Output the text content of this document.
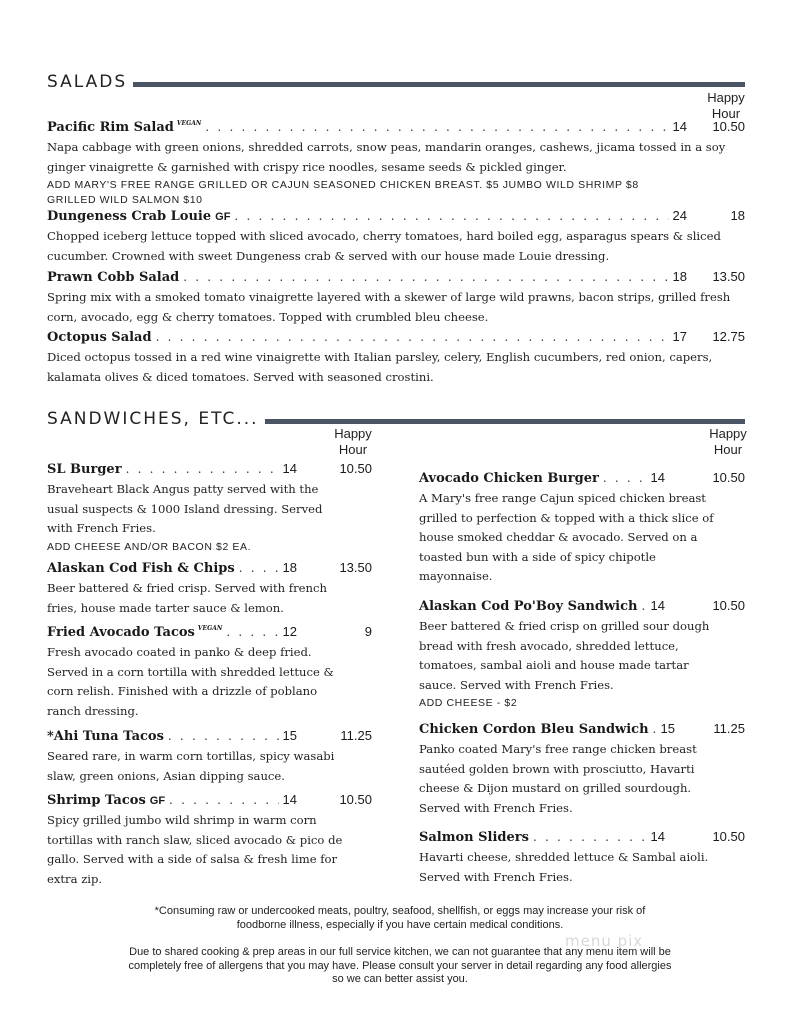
SALADS
Happy
Hour
Pacific Rim Salad VEGAN . . .	14	10.50
Napa cabbage with green onions, shredded carrots, snow peas, mandarin oranges, cashews, jicama tossed in a soy ginger vinaigrette & garnished with crispy rice noodles, sesame seeds & pickled ginger.
ADD MARY'S FREE RANGE GRILLED OR CAJUN SEASONED CHICKEN BREAST. $5 JUMBO WILD SHRIMP $8
GRILLED WILD SALMON $10
Dungeness Crab Louie GF . . .	24	18
Chopped iceberg lettuce topped with sliced avocado, cherry tomatoes, hard boiled egg, asparagus spears & sliced cucumber. Crowned with sweet Dungeness crab & served with our house made Louie dressing.
Prawn Cobb Salad . . .	18	13.50
Spring mix with a smoked tomato vinaigrette layered with a skewer of large wild prawns, bacon strips, grilled fresh corn, avocado, egg & cherry tomatoes. Topped with crumbled bleu cheese.
Octopus Salad . . .	17	12.75
Diced octopus tossed in a red wine vinaigrette with Italian parsley, celery, English cucumbers, red onion, capers, kalamata olives & diced tomatoes. Served with seasoned crostini.
SANDWICHES, ETC...
Happy
Hour
Happy
Hour
SL Burger . . .	14	10.50
Braveheart Black Angus patty served with the usual suspects & 1000 Island dressing. Served with French Fries.
ADD CHEESE AND/OR BACON $2 EA.
Alaskan Cod Fish & Chips . . .	18	13.50
Beer battered & fried crisp. Served with french fries, house made tarter sauce & lemon.
Fried Avocado Tacos VEGAN . . .	12	9
Fresh avocado coated in panko & deep fried. Served in a corn tortilla with shredded lettuce & corn relish. Finished with a drizzle of poblano ranch dressing.
*Ahi Tuna Tacos . . .	15	11.25
Seared rare, in warm corn tortillas, spicy wasabi slaw, green onions, Asian dipping sauce.
Shrimp Tacos GF . . .	14	10.50
Spicy grilled jumbo wild shrimp in warm corn tortillas with ranch slaw, sliced avocado & pico de gallo. Served with a side of salsa & fresh lime for extra zip.
Avocado Chicken Burger . . .	14	10.50
A Mary's free range Cajun spiced chicken breast grilled to perfection & topped with a thick slice of house smoked cheddar & avocado. Served on a toasted bun with a side of spicy chipotle mayonnaise.
Alaskan Cod Po'Boy Sandwich . . . 14	10.50
Beer battered & fried crisp on grilled sour dough bread with fresh avocado, shredded lettuce, tomatoes, sambal aioli and house made tartar sauce. Served with French Fries.
ADD CHEESE - $2
Chicken Cordon Bleu Sandwich . . . 15	11.25
Panko coated Mary's free range chicken breast sautéed golden brown with prosciutto, Havarti cheese & Dijon mustard on grilled sourdough. Served with French Fries.
Salmon Sliders . . .	14	10.50
Havarti cheese, shredded lettuce & Sambal aioli. Served with French Fries.
*Consuming raw or undercooked meats, poultry, seafood, shellfish, or eggs may increase your risk of foodborne illness, especially if you have certain medical conditions.
Due to shared cooking & prep areas in our full service kitchen, we can not guarantee that any menu item will be completely free of allergens that you may have. Please consult your server in detail regarding any food allergies so we can better assist you.
menu pix
